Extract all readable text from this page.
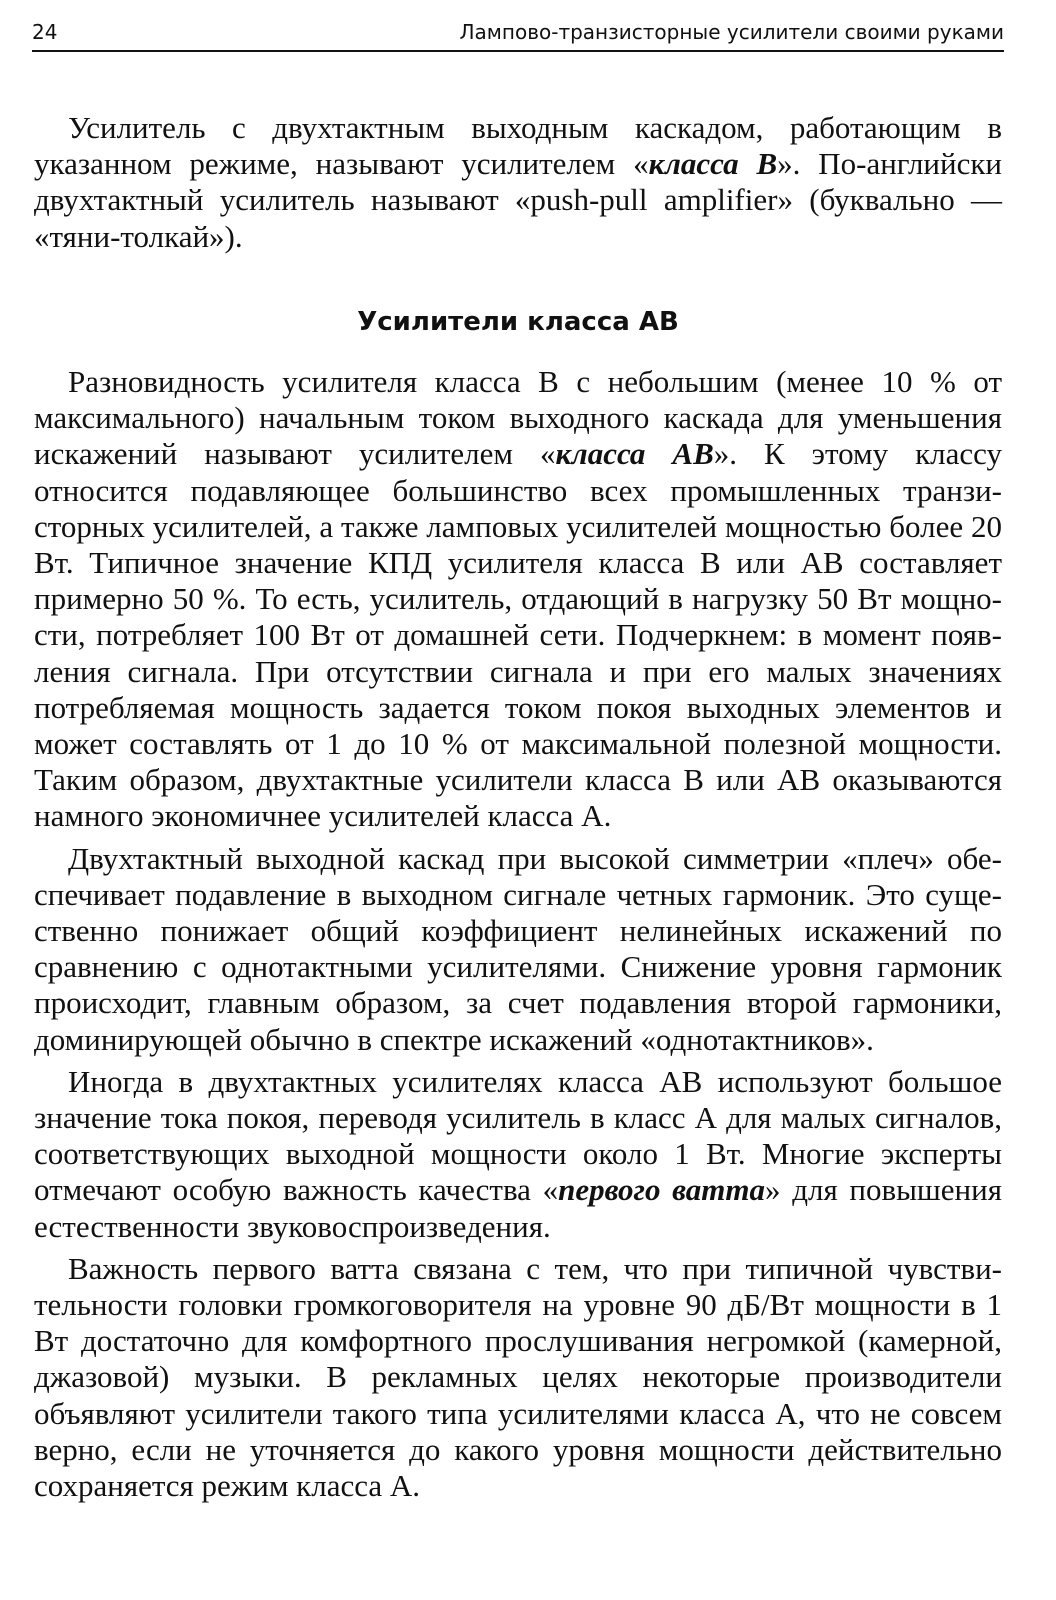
24	Лампово-транзисторные усилители своими руками

Усилитель с двухтактным выходным каскадом, работающим в указанном режиме, называют усилителем «класса В». По-английски двухтактный усилитель называют «push-pull amplifier» (буквально — «тяни-толкай»).

Усилители класса АВ

Разновидность усилителя класса В с небольшим (менее 10 % от максимального) начальным током выходного каскада для уменьшения искажений называют усилителем «класса АВ». К этому классу относится подавляющее большинство всех промышленных транзисторных усилителей, а также ламповых усилителей мощностью более 20 Вт. Типичное значение КПД усилителя класса В или АВ составляет примерно 50 %. То есть, усилитель, отдающий в нагрузку 50 Вт мощности, потребляет 100 Вт от домашней сети. Подчеркнем: в момент появления сигнала. При отсутствии сигнала и при его малых значениях потребляемая мощность задается током покоя выходных элементов и может составлять от 1 до 10 % от максимальной полезной мощности. Таким образом, двухтактные усилители класса В или АВ оказываются намного экономичнее усилителей класса А.

Двухтактный выходной каскад при высокой симметрии «плеч» обеспечивает подавление в выходном сигнале четных гармоник. Это существенно понижает общий коэффициент нелинейных искажений по сравнению с однотактными усилителями. Снижение уровня гармоник происходит, главным образом, за счет подавления второй гармоники, доминирующей обычно в спектре искажений «однотактников».

Иногда в двухтактных усилителях класса АВ используют большое значение тока покоя, переводя усилитель в класс А для малых сигналов, соответствующих выходной мощности около 1 Вт. Многие эксперты отмечают особую важность качества «первого ватта» для повышения естественности звуковоспроизведения.

Важность первого ватта связана с тем, что при типичной чувствительности головки громкоговорителя на уровне 90 дБ/Вт мощности в 1 Вт достаточно для комфортного прослушивания негромкой (камерной, джазовой) музыки. В рекламных целях некоторые производители объявляют усилители такого типа усилителями класса А, что не совсем верно, если не уточняется до какого уровня мощности действительно сохраняется режим класса А.
